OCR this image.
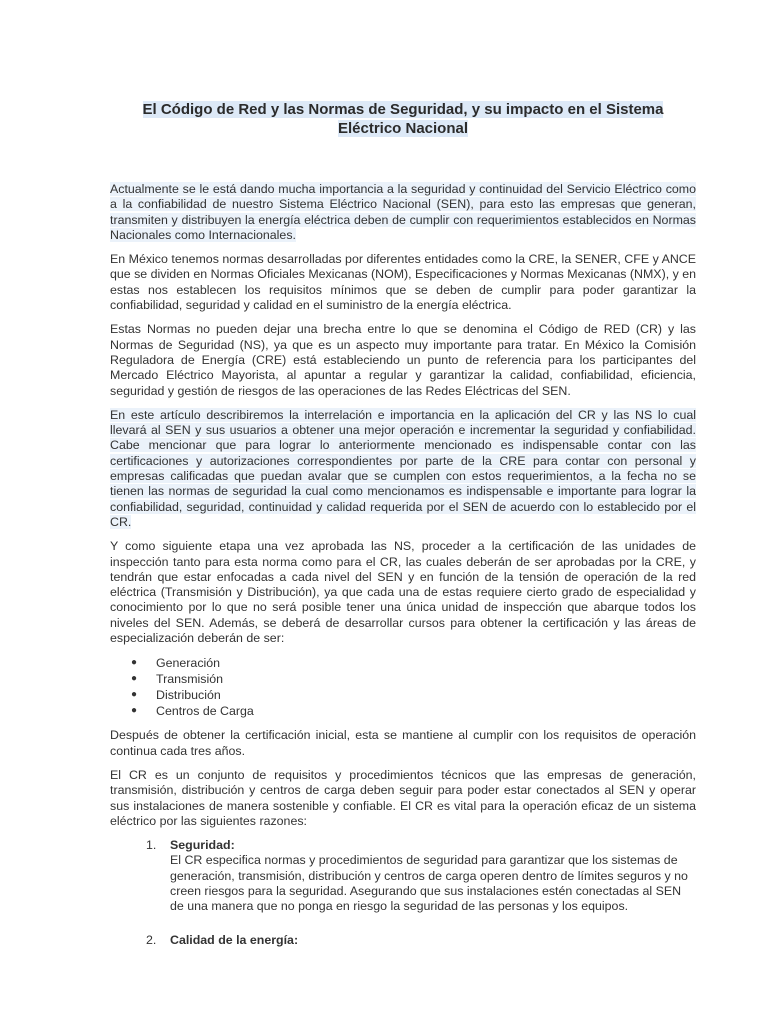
El Código de Red y las Normas de Seguridad, y su impacto en el Sistema Eléctrico Nacional

Actualmente se le está dando mucha importancia a la seguridad y continuidad del Servicio Eléctrico como a la confiabilidad de nuestro Sistema Eléctrico Nacional (SEN), para esto las empresas que generan, transmiten y distribuyen la energía eléctrica deben de cumplir con requerimientos establecidos en Normas Nacionales como Internacionales.

En México tenemos normas desarrolladas por diferentes entidades como la CRE, la SENER, CFE y ANCE que se dividen en Normas Oficiales Mexicanas (NOM), Especificaciones y Normas Mexicanas (NMX), y en estas nos establecen los requisitos mínimos que se deben de cumplir para poder garantizar la confiabilidad, seguridad y calidad en el suministro de la energía eléctrica.

Estas Normas no pueden dejar una brecha entre lo que se denomina el Código de RED (CR) y las Normas de Seguridad (NS), ya que es un aspecto muy importante para tratar. En México la Comisión Reguladora de Energía (CRE) está estableciendo un punto de referencia para los participantes del Mercado Eléctrico Mayorista, al apuntar a regular y garantizar la calidad, confiabilidad, eficiencia, seguridad y gestión de riesgos de las operaciones de las Redes Eléctricas del SEN.

En este artículo describiremos la interrelación e importancia en la aplicación del CR y las NS lo cual llevará al SEN y sus usuarios a obtener una mejor operación e incrementar la seguridad y confiabilidad. Cabe mencionar que para lograr lo anteriormente mencionado es indispensable contar con las certificaciones y autorizaciones correspondientes por parte de la CRE para contar con personal y empresas calificadas que puedan avalar que se cumplen con estos requerimientos, a la fecha no se tienen las normas de seguridad la cual como mencionamos es indispensable e importante para lograr la confiabilidad, seguridad, continuidad y calidad requerida por el SEN de acuerdo con lo establecido por el CR.

Y como siguiente etapa una vez aprobada las NS, proceder a la certificación de las unidades de inspección tanto para esta norma como para el CR, las cuales deberán de ser aprobadas por la CRE, y tendrán que estar enfocadas a cada nivel del SEN y en función de la tensión de operación de la red eléctrica (Transmisión y Distribución), ya que cada una de estas requiere cierto grado de especialidad y conocimiento por lo que no será posible tener una única unidad de inspección que abarque todos los niveles del SEN. Además, se deberá de desarrollar cursos para obtener la certificación y las áreas de especialización deberán de ser:

● Generación
● Transmisión
● Distribución
● Centros de Carga

Después de obtener la certificación inicial, esta se mantiene al cumplir con los requisitos de operación continua cada tres años.

El CR es un conjunto de requisitos y procedimientos técnicos que las empresas de generación, transmisión, distribución y centros de carga deben seguir para poder estar conectados al SEN y operar sus instalaciones de manera sostenible y confiable. El CR es vital para la operación eficaz de un sistema eléctrico por las siguientes razones:

1. Seguridad:
El CR especifica normas y procedimientos de seguridad para garantizar que los sistemas de generación, transmisión, distribución y centros de carga operen dentro de límites seguros y no creen riesgos para la seguridad. Asegurando que sus instalaciones estén conectadas al SEN de una manera que no ponga en riesgo la seguridad de las personas y los equipos.
2. Calidad de la energía:
